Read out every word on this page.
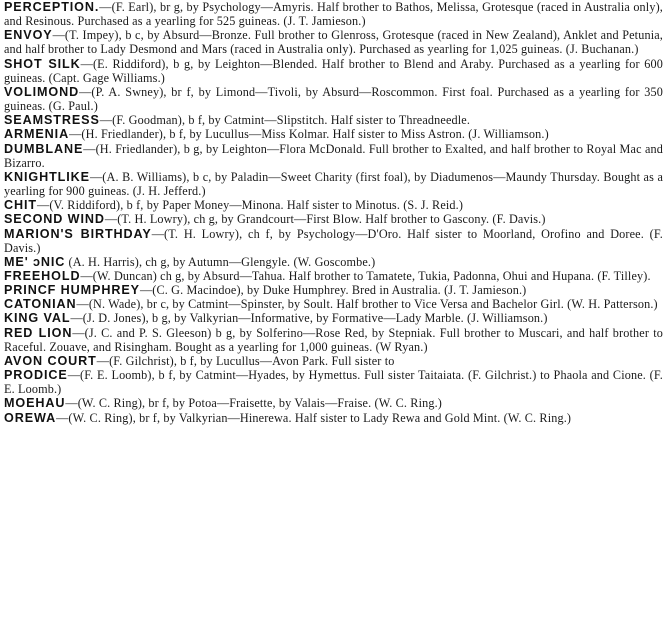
PERCEPTION.—(F. Earl), br g, by Psychology—Amyris. Half brother to Bathos, Melissa, Grotesque (raced in Australia only), and Resinous. Purchased as a yearling for 525 guineas. (J. T. Jamieson.)

ENVOY—(T. Impey), b c, by Absurd—Bronze. Full brother to Glenross, Grotesque (raced in New Zealand), Anklet and Petunia, and half brother to Lady Desmond and Mars (raced in Australia only). Purchased as yearling for 1,025 guineas. (J. Buchanan.)

SHOT SILK—(E. Riddiford), b g, by Leighton—Blended. Half brother to Blend and Araby. Purchased as a yearling for 600 guineas. (Capt. Gage Williams.)

VOLIMOND—(P. A. Swney), br f, by Limond—Tivoli, by Absurd—Roscommon. First foal. Purchased as a yearling for 350 guineas. (G. Paul.)

SEAMSTRESS—(F. Goodman), b f, by Catmint—Slipstitch. Half sister to Threadneedle.

ARMENIA—(H. Friedlander), b f, by Lucullus—Miss Kolmar. Half sister to Miss Astron. (J. Williamson.)

DUMBLANE—(H. Friedlander), b g, by Leighton—Flora McDonald. Full brother to Exalted, and half brother to Royal Mac and Bizarro.

KNIGHTLIKE—(A. B. Williams), b c, by Paladin—Sweet Charity (first foal), by Diadumenos—Maundy Thursday. Bought as a yearling for 900 guineas. (J. H. Jefferd.)

CHIT—(V. Riddiford), b f, by Paper Money—Minona. Half sister to Minotus. (S. J. Reid.)

SECOND WIND—(T. H. Lowry), ch g, by Grandcourt—First Blow. Half brother to Gascony. (F. Davis.)

MARION'S BIRTHDAY—(T. H. Lowry), ch f, by Psychology—D'Oro. Half sister to Moorland, Orofino and Doree. (F. Davis.)

ME' ɔNIC (A. H. Harris), ch g, by Autumn—Glengyle. (W. Goscombe.)

FREEHOLD—(W. Duncan) ch g, by Absurd—Tahua. Half brother to Tamatete, Tukia, Padonna, Ohui and Hupana. (F. Tilley).

PRINCF HUMPHREY—(C. G. Macindoe), by Duke Humphrey. Bred in Australia. (J. T. Jamieson.)

CATONIAN—(N. Wade), br c, by Catmint—Spinster, by Soult. Half brother to Vice Versa and Bachelor Girl. (W. H. Patterson.)

KING VAL—(J. D. Jones), b g, by Valkyrian—Informative, by Formative—Lady Marble. (J. Williamson.)

RED LION—(J. C. and P. S. Gleeson) b g, by Solferino—Rose Red, by Stepniak. Full brother to Muscari, and half brother to Raceful. Zouave, and Risingham. Bought as a yearling for 1,000 guineas. (W Ryan.)

AVON COURT—(F. Gilchrist), b f, by Lucullus—Avon Park. Full sister to

PRODICE—(F. E. Loomb), b f, by Catmint—Hyades, by Hymettus. Full sister Taitaiata. (F. Gilchrist.) to Phaola and Cione. (F. E. Loomb.)

MOEHAU—(W. C. Ring), br f, by Potoa—Fraisette, by Valais—Fraise. (W. C. Ring.)

OREWA—(W. C. Ring), br f, by Valkyrian—Hinerewa. Half sister to Lady Rewa and Gold Mint. (W. C. Ring.)
